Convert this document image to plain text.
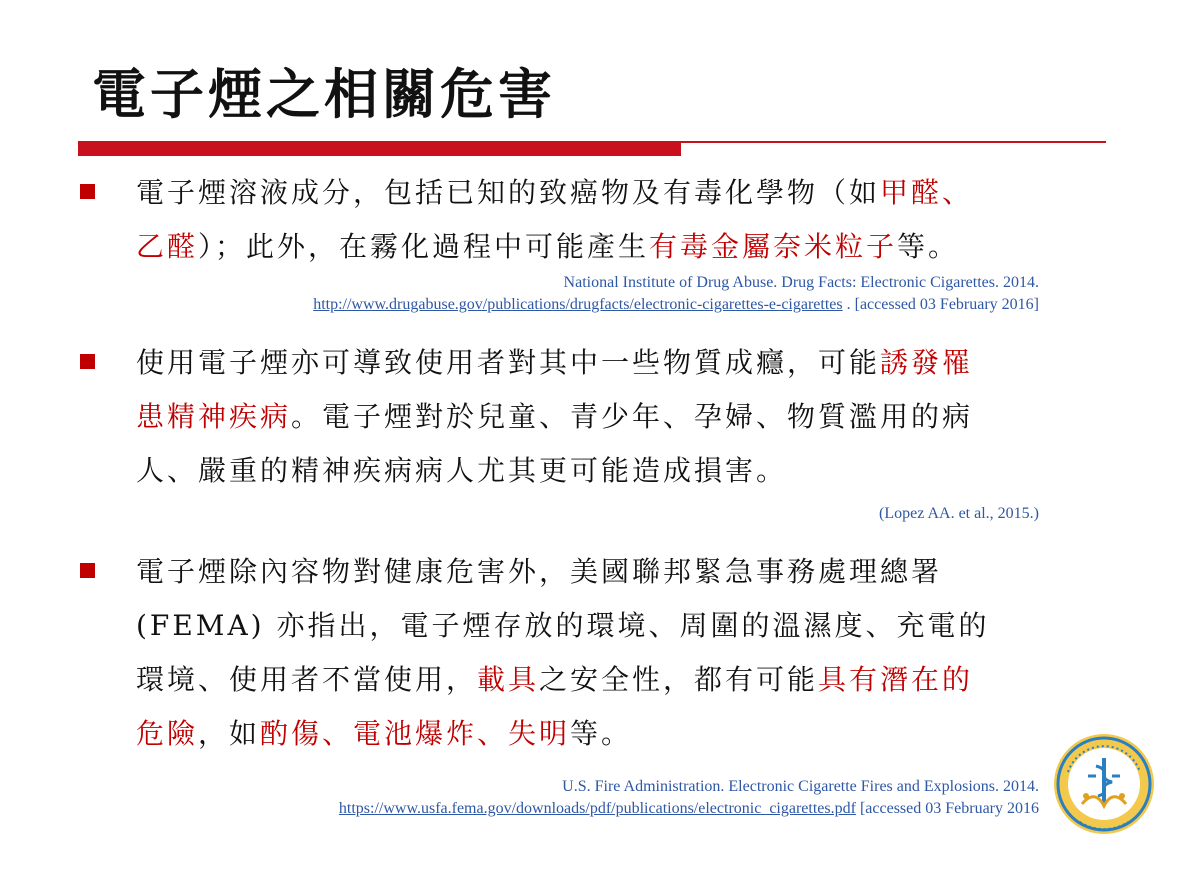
電子煙之相關危害
電子煙溶液成分，包括已知的致癌物及有毒化學物（如甲醛、
乙醛）；此外，在霧化過程中可能產生有毒金屬奈米粒子等。
National Institute of Drug Abuse. Drug Facts: Electronic Cigarettes. 2014.
http://www.drugabuse.gov/publications/drugfacts/electronic-cigarettes-e-cigarettes . [accessed 03 February 2016]
使用電子煙亦可導致使用者對其中一些物質成癮，可能誘發罹
患精神疾病。電子煙對於兒童、青少年、孕婦、物質濫用的病
人、嚴重的精神疾病病人尤其更可能造成損害。
(Lopez AA. et al., 2015.)
電子煙除內容物對健康危害外，美國聯邦緊急事務處理總署
(FEMA) 亦指出，電子煙存放的環境、周圍的溫濕度、充電的
環境、使用者不當使用，載具之安全性，都有可能具有潛在的
危險，如酌傷、電池爆炸、失明等。
U.S. Fire Administration. Electronic Cigarette Fires and Explosions. 2014.
https://www.usfa.fema.gov/downloads/pdf/publications/electronic_cigarettes.pdf [accessed 03 February 2016
